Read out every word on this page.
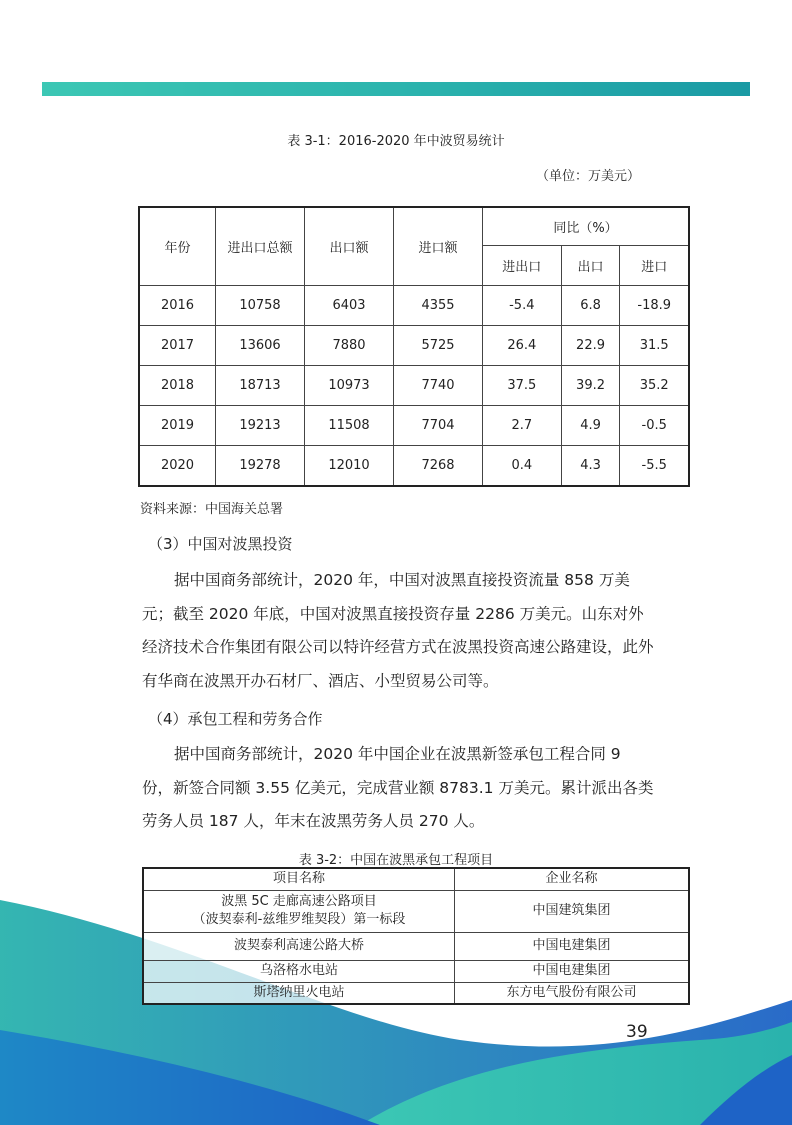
表 3-1：2016-2020 年中波贸易统计
（单位：万美元）
年份	进出口总额	出口额	进口额	同比（%）		
				进出口	出口	进口
2016	10758	6403	4355	-5.4	6.8	-18.9
2017	13606	7880	5725	26.4	22.9	31.5
2018	18713	10973	7740	37.5	39.2	35.2
2019	19213	11508	7704	2.7	4.9	-0.5
2020	19278	12010	7268	0.4	4.3	-5.5
资料来源：中国海关总署
（3）中国对波黑投资
据中国商务部统计，2020 年，中国对波黑直接投资流量 858 万美元；截至 2020 年底，中国对波黑直接投资存量 2286 万美元。山东对外经济技术合作集团有限公司以特许经营方式在波黑投资高速公路建设，此外有华商在波黑开办石材厂、酒店、小型贸易公司等。
（4）承包工程和劳务合作
据中国商务部统计，2020 年中国企业在波黑新签承包工程合同 9 份，新签合同额 3.55 亿美元，完成营业额 8783.1 万美元。累计派出各类劳务人员 187 人，年末在波黑劳务人员 270 人。
表 3-2：中国在波黑承包工程项目
项目名称	企业名称

波黑 5C 走廊高速公路项目
（波契泰利-兹维罗维契段）第一标段	中国建筑集团
波契泰利高速公路大桥	中国电建集团
乌洛格水电站	中国电建集团
斯塔纳里火电站	东方电气股份有限公司
39
